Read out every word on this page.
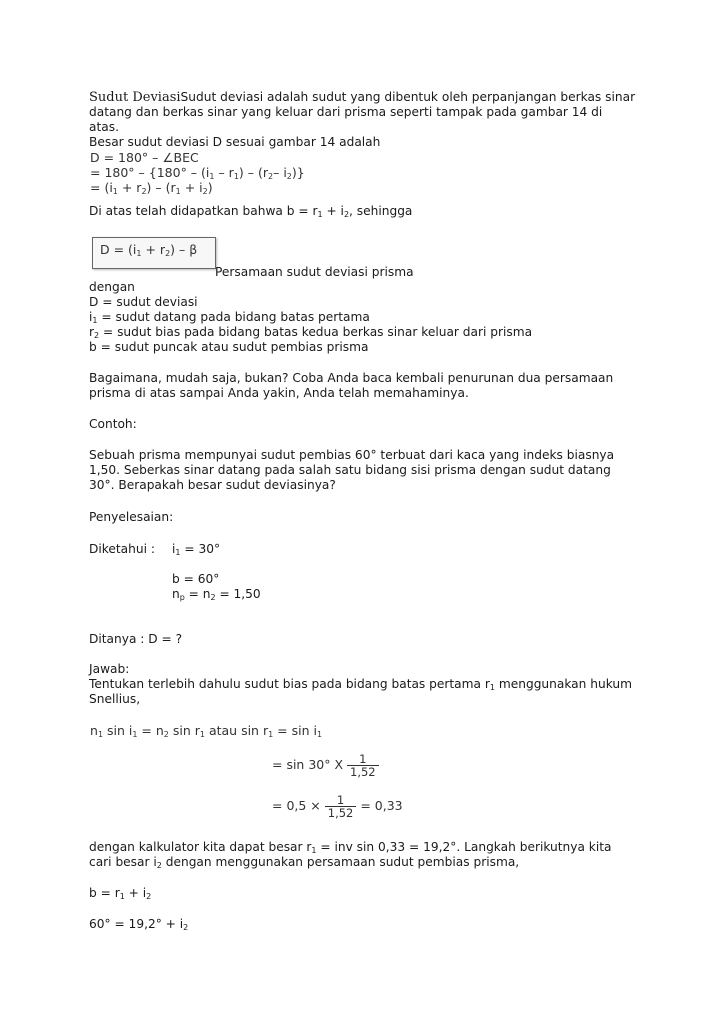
Sudut DeviasiSudut deviasi adalah sudut yang dibentuk oleh perpanjangan berkas sinar
datang dan berkas sinar yang keluar dari prisma seperti tampak pada gambar 14 di
atas.
Besar sudut deviasi D sesuai gambar 14 adalah
D = 180° – ∠BEC
= $180^\circ - \{180^\circ - (i_1 - r_1) - (r_2-$ $i_2$)}
= $(i_1 + r_2) - (r_1 + i_2)$
Di atas telah didapatkan bahwa $b = r_1 + i_2$, sehingga
$D = (i_1 + r_2) - \beta$
Persamaan sudut deviasi prisma
dengan
D = sudut deviasi
$i_1$ = sudut datang pada bidang batas pertama
$r_2$ = sudut bias pada bidang batas kedua berkas sinar keluar dari prisma
b = sudut puncak atau sudut pembias prisma
Bagaimana, mudah saja, bukan? Coba Anda baca kembali penurunan dua persamaan
prisma di atas sampai Anda yakin, Anda telah memahaminya.
Contoh:
Sebuah prisma mempunyai sudut pembias 60° terbuat dari kaca yang indeks biasnya
1,50. Seberkas sinar datang pada salah satu bidang sisi prisma dengan sudut datang
30°. Berapakah besar sudut deviasinya?
Penyelesaian:
Diketahui : $i_1 = 30^\circ$
b = 60°
$n_p = n_2 = 1,50$
Ditanya : D = ?
Jawab:
Tentukan terlebih dahulu sudut bias pada bidang batas pertama $r_1$ menggunakan hukum
Snellius,
$n_1$ $\sin i_1 = n_2$ $\sin r_1$ atau $\sin r_1 = \sin i_1$
= sin 30° X $\frac{1}{1,52}$
= $0,5 \times \frac{1}{1,52} = 0,33$
dengan kalkulator kita dapat besar $r_1$ = inv sin 0,33 = 19,2°. Langkah berikutnya kita
cari besar $i_2$ dengan menggunakan persamaan sudut pembias prisma,
$b = r_1 + i_2$
$60^\circ = 19,2^\circ + i_2$
